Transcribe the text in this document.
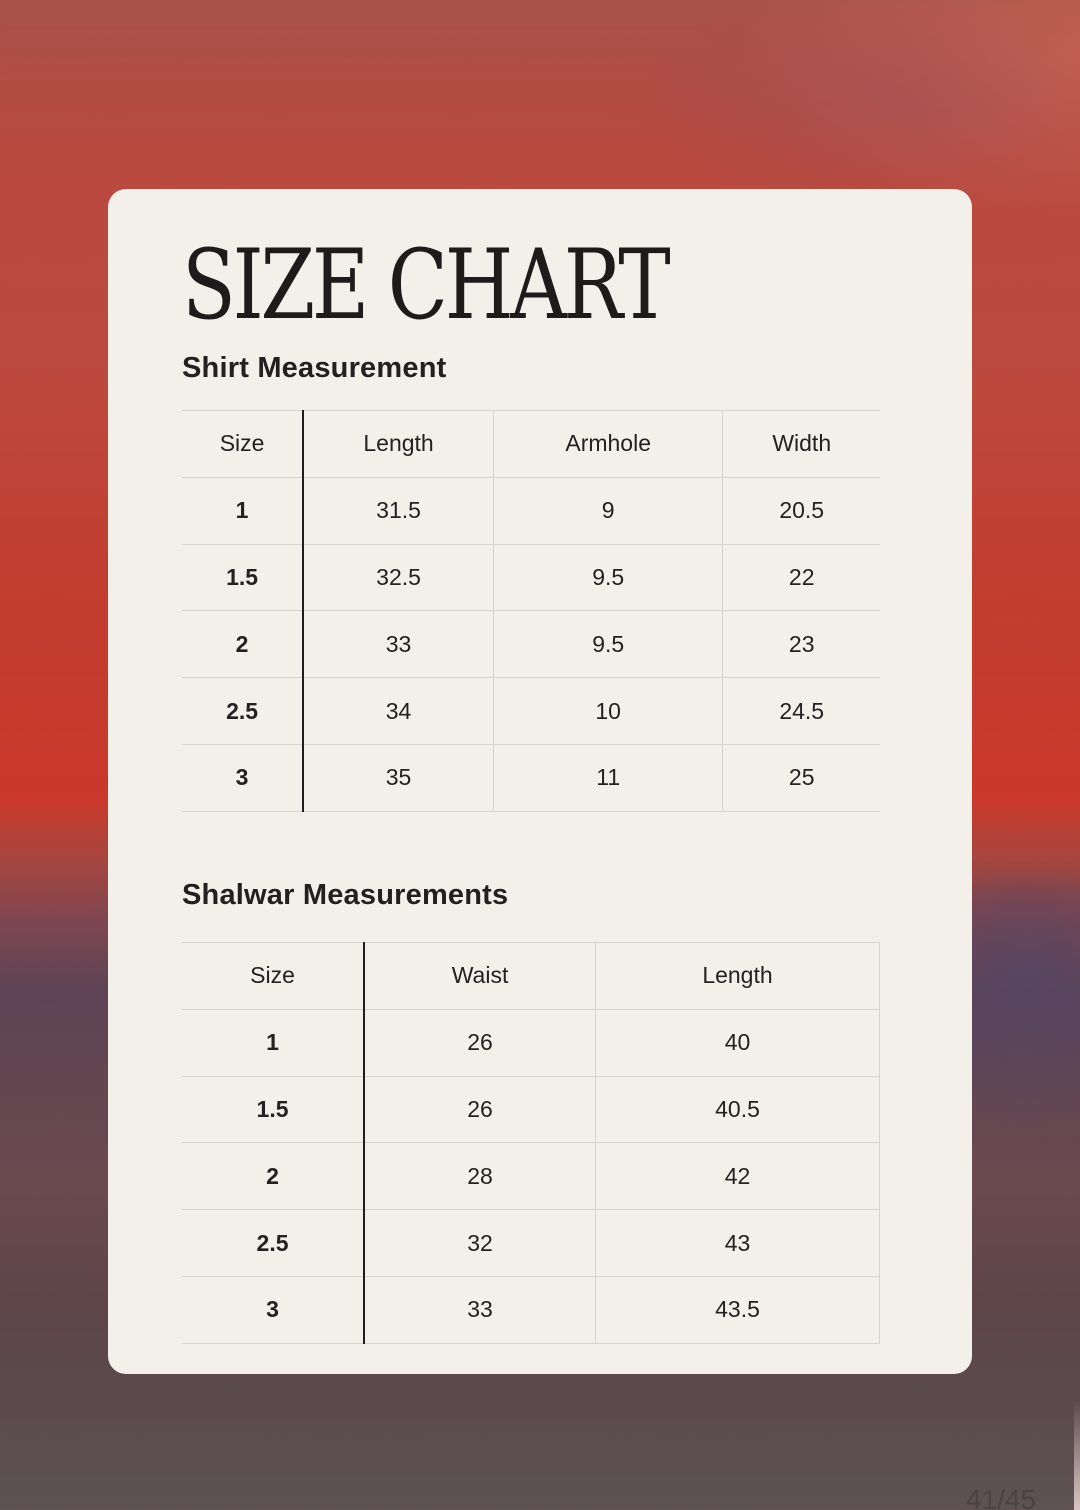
SIZE CHART
Shirt Measurement
Size	Length	Armhole	Width
1	31.5	9	20.5
1.5	32.5	9.5	22
2	33	9.5	23
2.5	34	10	24.5
3	35	11	25
Shalwar Measurements
Size	Waist	Length
1	26	40
1.5	26	40.5
2	28	42
2.5	32	43
3	33	43.5
41/45
